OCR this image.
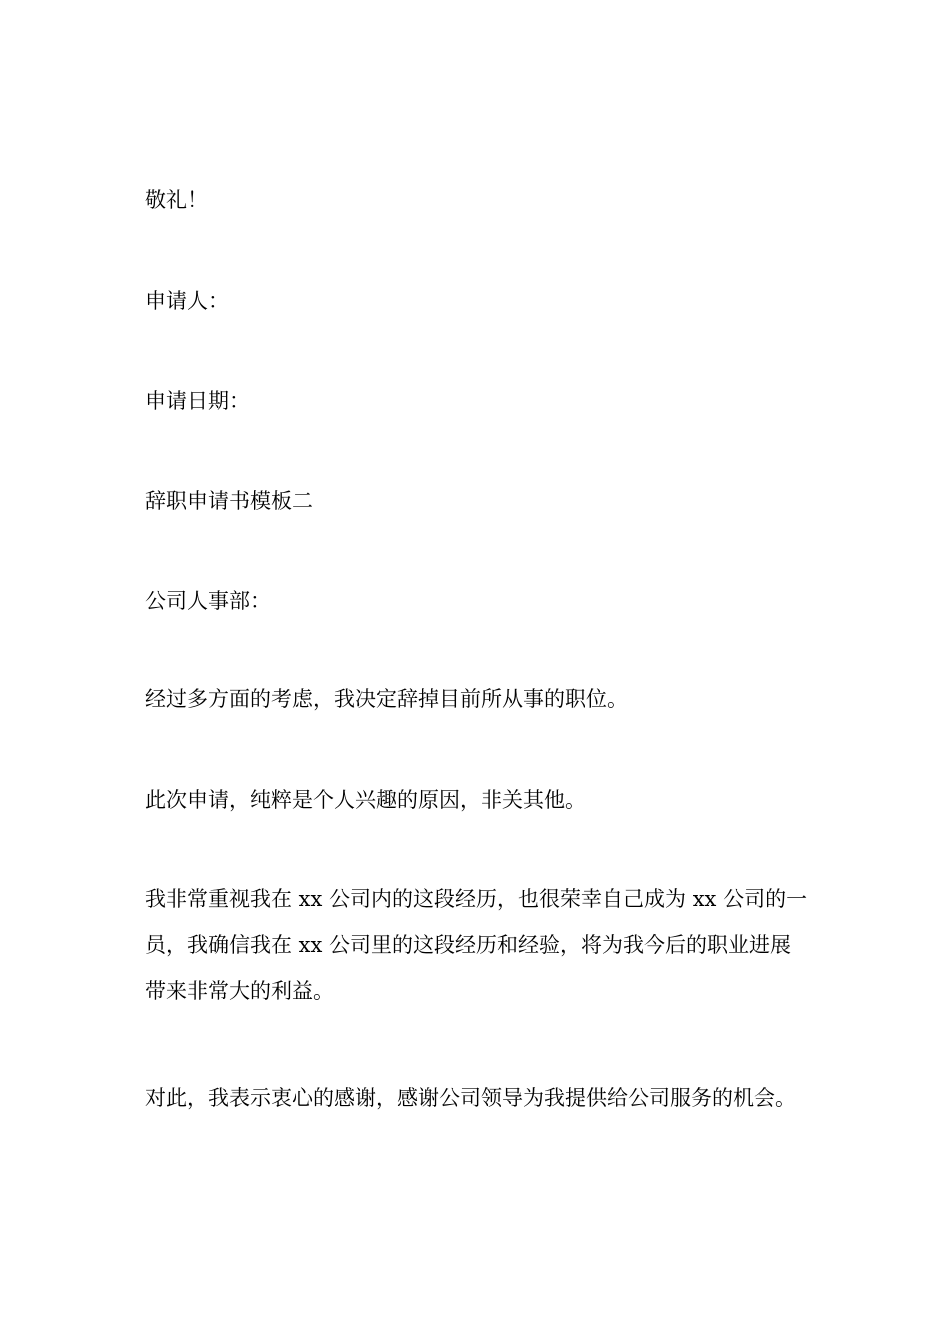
敬礼！

申请人：

申请日期：

辞职申请书模板二

公司人事部：

经过多方面的考虑，我决定辞掉目前所从事的职位。

此次申请，纯粹是个人兴趣的原因，非关其他。

我非常重视我在 xx 公司内的这段经历，也很荣幸自己成为 xx 公司的一员，我确信我在 xx 公司里的这段经历和经验，将为我今后的职业进展带来非常大的利益。

对此，我表示衷心的感谢，感谢公司领导为我提供给公司服务的机会。
